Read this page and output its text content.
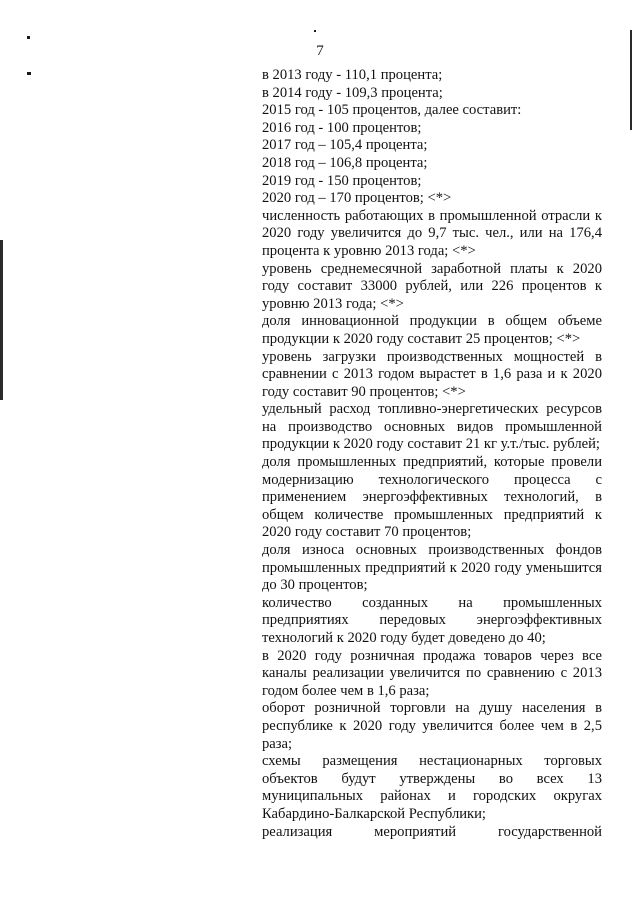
7
в 2013 году - 110,1 процента;
в 2014 году - 109,3 процента;
2015 год - 105 процентов, далее составит:
2016 год - 100 процентов;
2017 год – 105,4 процента;
2018 год – 106,8 процента;
2019 год - 150 процентов;
2020 год – 170 процентов; <*>
численность работающих в промышленной отрасли к 2020 году увеличится до 9,7 тыс. чел., или на 176,4 процента к уровню 2013 года; <*>
уровень среднемесячной заработной платы к 2020 году составит 33000 рублей, или 226 процентов к уровню 2013 года; <*>
доля инновационной продукции в общем объеме продукции к 2020 году составит 25 процентов; <*>
уровень загрузки производственных мощностей в сравнении с 2013 годом вырастет в 1,6 раза и к 2020 году составит 90 процентов; <*>
удельный расход топливно-энергетических ресурсов на производство основных видов промышленной продукции к 2020 году составит 21 кг у.т./тыс. рублей;
доля промышленных предприятий, которые провели модернизацию технологического процесса с применением энергоэффективных технологий, в общем количестве промышленных предприятий к 2020 году составит 70 процентов;
доля износа основных производственных фондов промышленных предприятий к 2020 году уменьшится до 30 процентов;
количество созданных на промышленных предприятиях передовых энергоэффективных технологий к 2020 году будет доведено до 40;
в 2020 году розничная продажа товаров через все каналы реализации увеличится по сравнению с 2013 годом более чем в 1,6 раза;
оборот розничной торговли на душу населения в республике к 2020 году увеличится более чем в 2,5 раза;
схемы размещения нестационарных торговых объектов будут утверждены во всех 13 муниципальных районах и городских округах Кабардино-Балкарской Республики;
реализация мероприятий государственной
